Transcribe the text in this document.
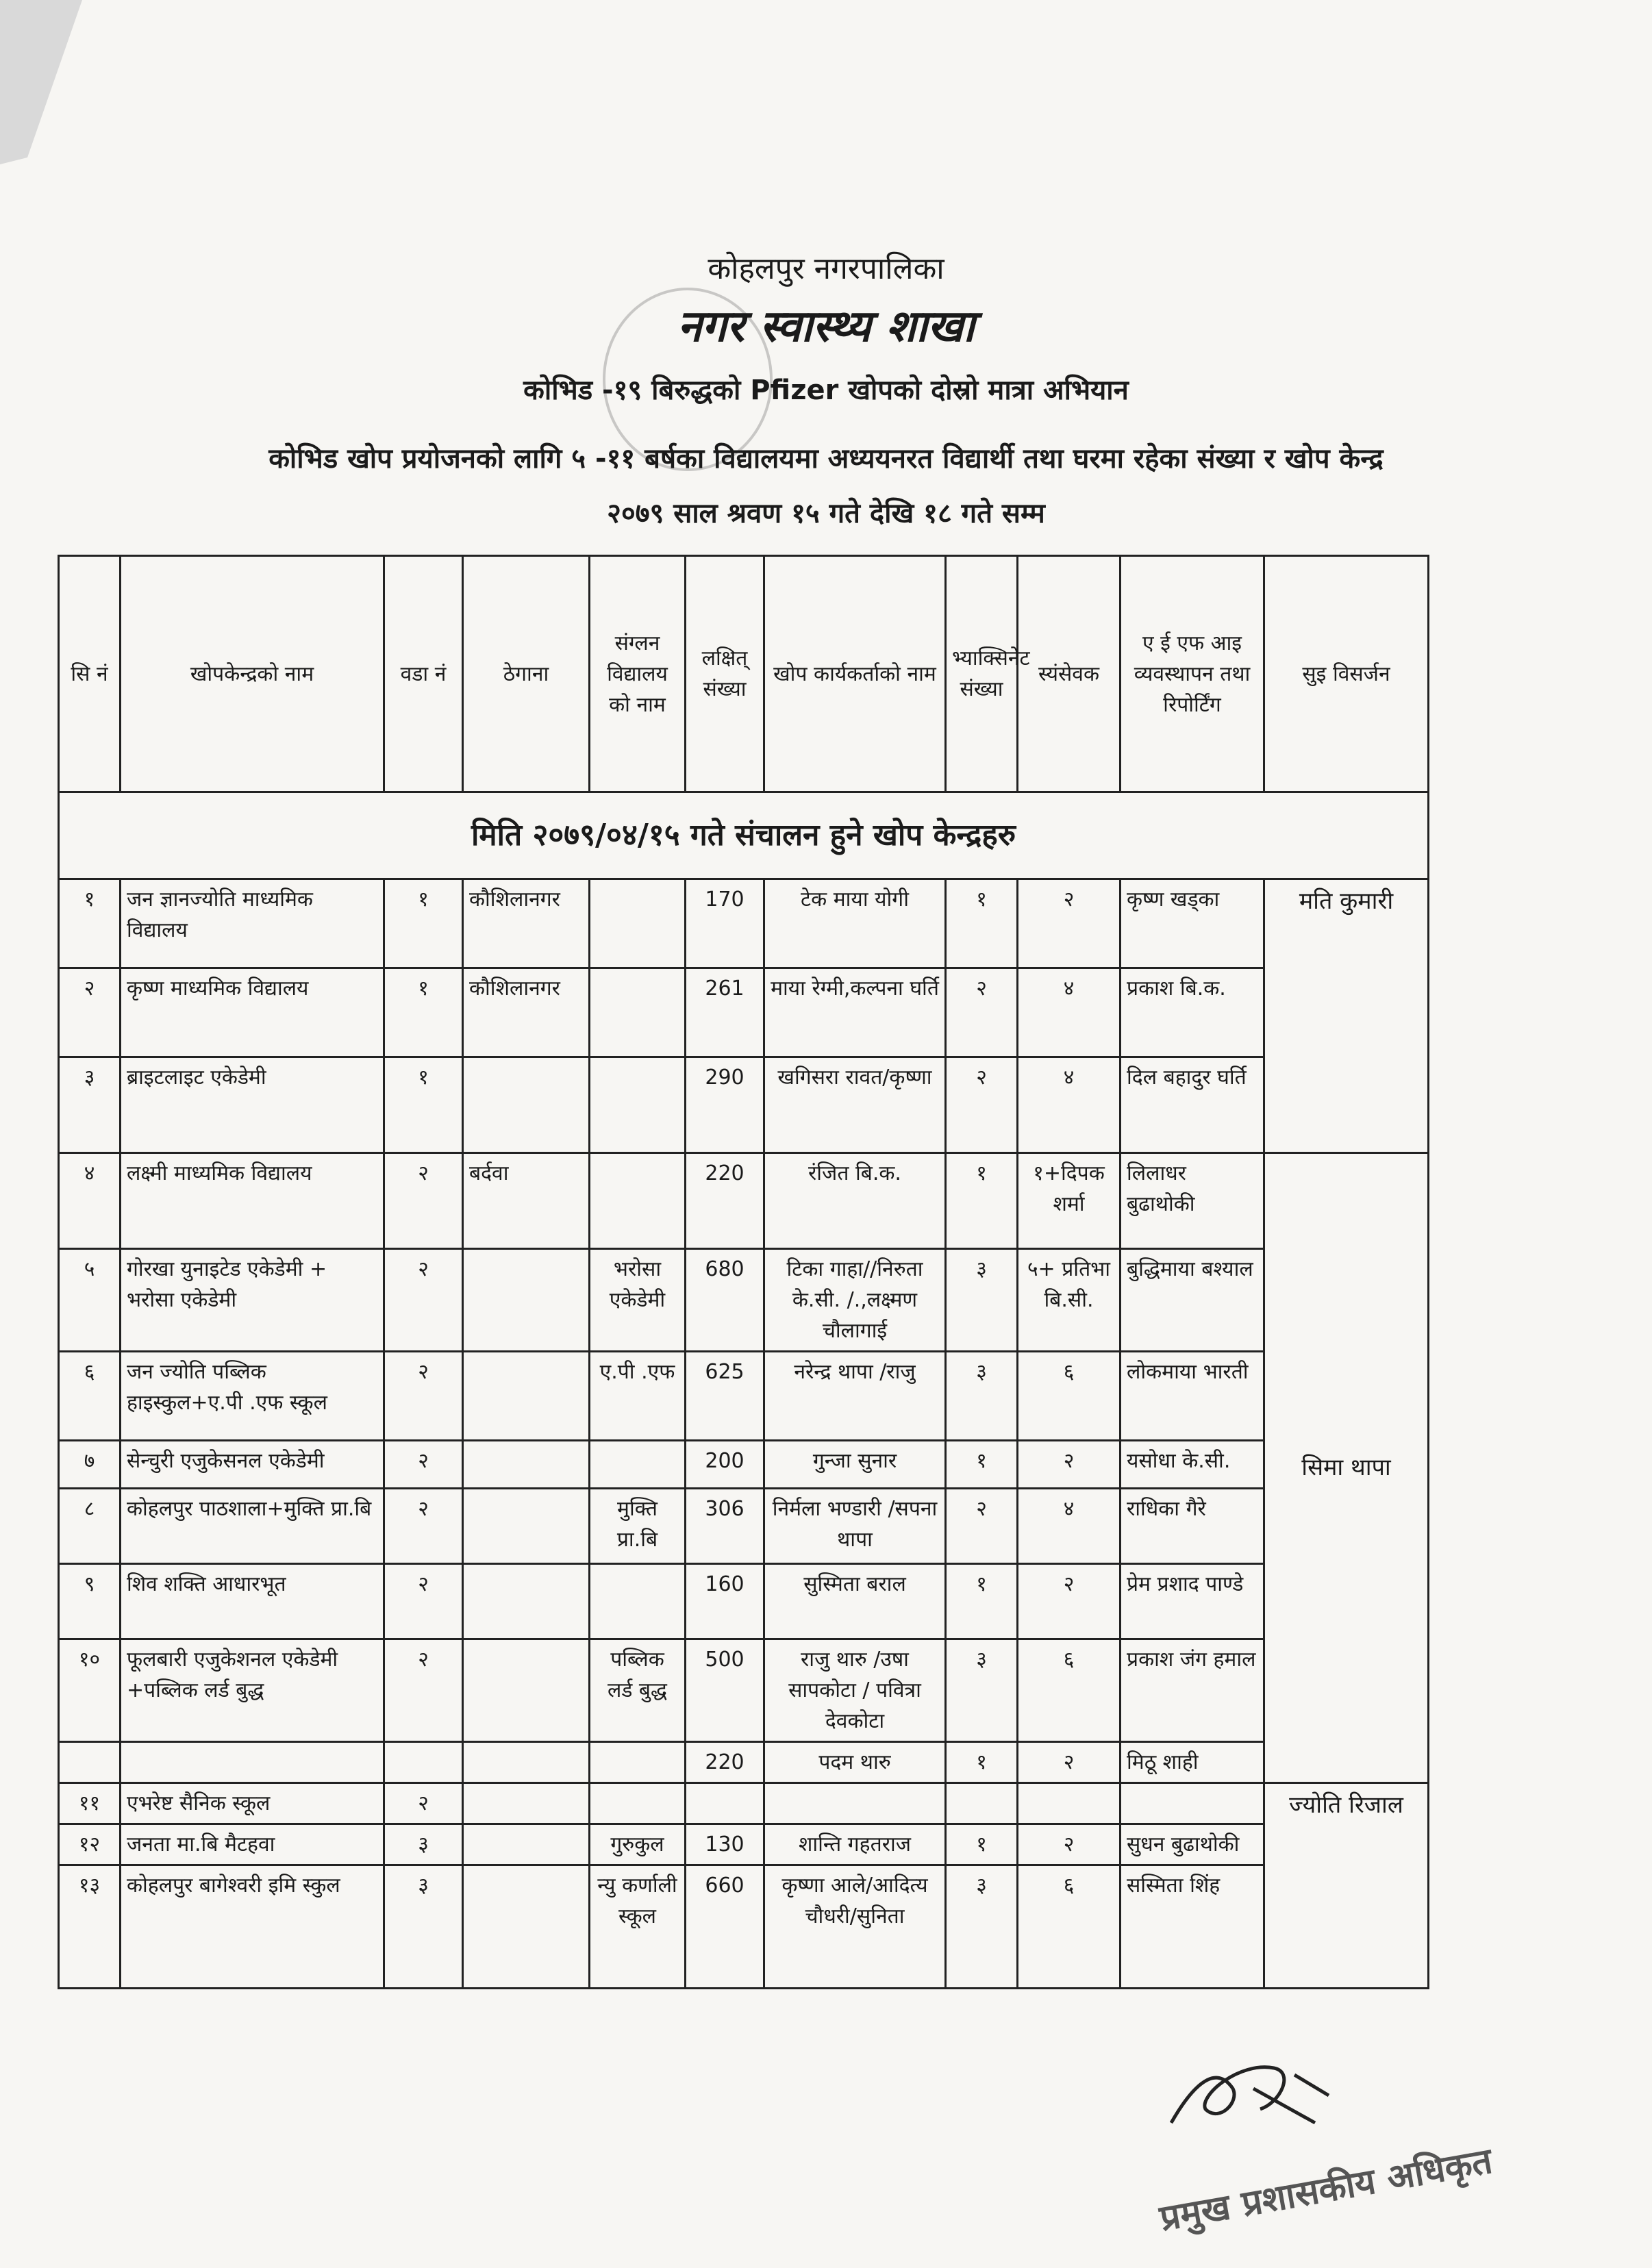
कोहलपुर नगरपालिका
नगर स्वास्थ्य शाखा
कोभिड -१९ बिरुद्धको Pfizer खोपको दोस्रो मात्रा अभियान
कोभिड खोप प्रयोजनको लागि ५ -११ बर्षका विद्यालयमा अध्ययनरत विद्यार्थी तथा घरमा रहेका संख्या र खोप केन्द्र
२०७९ साल श्रवण १५ गते देखि १८ गते सम्म
सि नं	खोपकेन्द्रको नाम	वडा नं	ठेगाना	संग्लन विद्यालय को नाम	लक्षित् संख्या	खोप कार्यकर्ताको नाम	भ्याक्सिनेट संख्या	स्यंसेवक	ए ई एफ आइ व्यवस्थापन तथा रिपोर्टिंग	सुइ विसर्जन	
मिति २०७९/०४/१५ गते संचालन हुने खोप केन्द्रहरु											
१	जन ज्ञानज्योति माध्यमिक विद्यालय	१	कौशिलानगर		170	टेक माया योगी	१	२	कृष्ण खड्का	मति कुमारी	
२	कृष्ण माध्यमिक विद्यालय	१	कौशिलानगर		261	माया रेग्मी,कल्पना घर्ति	२	४	प्रकाश बि.क.		
३	ब्राइटलाइट एकेडेमी	१			290	खगिसरा रावत/कृष्णा	२	४	दिल बहादुर घर्ति		
४	लक्ष्मी माध्यमिक विद्यालय	२	बर्दवा		220	रंजित बि.क.	१	१+दिपक शर्मा	लिलाधर बुढाथोकी	सिमा थापा	
५	गोरखा युनाइटेड एकेडेमी + भरोसा एकेडेमी	२		भरोसा एकेडेमी	680	टिका गाहा//निरुता के.सी. /.,लक्ष्मण चौलागाई	३	५+ प्रतिभा बि.सी.	बुद्धिमाया बश्याल		
६	जन ज्योति पब्लिक हाइस्कुल+ए.पी .एफ स्कूल	२		ए.पी .एफ	625	नरेन्द्र थापा /राजु	३	६	लोकमाया भारती		
७	सेन्चुरी एजुकेसनल एकेडेमी	२			200	गुन्जा सुनार	१	२	यसोधा के.सी.		
८	कोहलपुर पाठशाला+मुक्ति प्रा.बि	२		मुक्ति प्रा.बि	306	निर्मला भण्डारी /सपना थापा	२	४	राधिका गैरे		
९	शिव शक्ति आधारभूत	२			160	सुस्मिता बराल	१	२	प्रेम प्रशाद पाण्डे		
१०	फूलबारी एजुकेशनल एकेडेमी +पब्लिक लर्ड बुद्ध	२		पब्लिक लर्ड बुद्ध	500	राजु थारु /उषा सापकोटा / पवित्रा देवकोटा	३	६	प्रकाश जंग हमाल		
					220	पदम थारु	१	२	मिठू शाही		
११	एभरेष्ट सैनिक स्कूल	२								ज्योति रिजाल	
१२	जनता मा.बि मैटहवा	३		गुरुकुल	130	शान्ति गहतराज	१	२	सुधन बुढाथोकी		
१३	कोहलपुर बागेश्वरी इमि स्कुल	३		न्यु कर्णाली स्कूल	660	कृष्णा आले/आदित्य चौधरी/सुनिता	३	६	सस्मिता शिंह		
प्रमुख प्रशासकीय अधिकृत
